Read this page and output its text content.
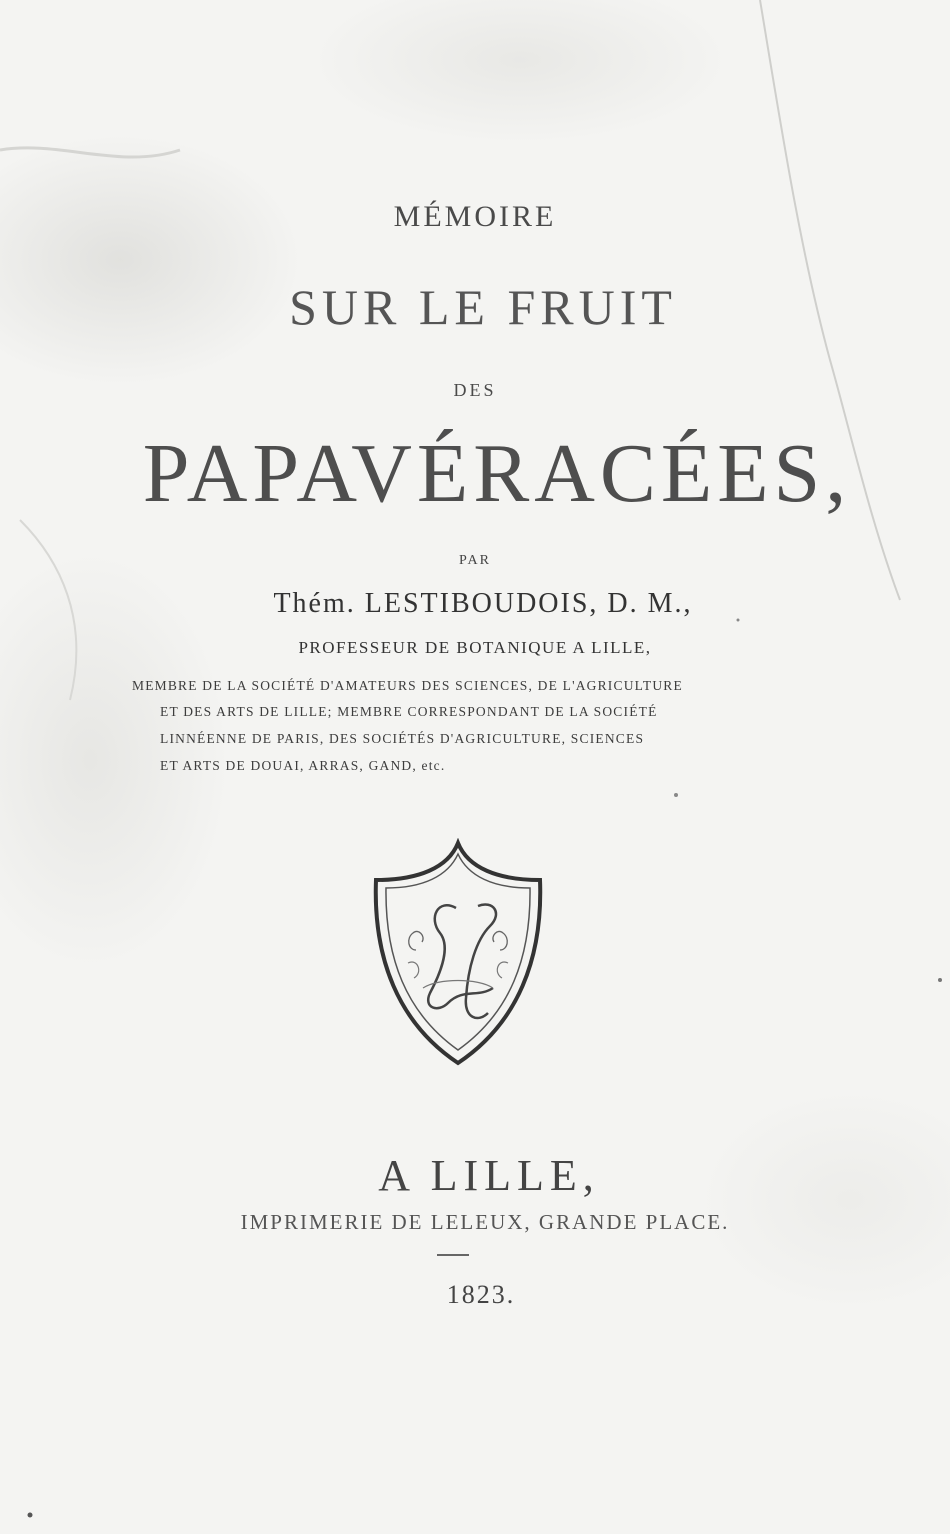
MÉMOIRE
SUR LE FRUIT
DES
PAPAVÉRACÉES,
PAR
Thém. LESTIBOUDOIS, D. M.,
PROFESSEUR DE BOTANIQUE A LILLE,
MEMBRE DE LA SOCIÉTÉ D'AMATEURS DES SCIENCES, DE L'AGRICULTURE
ET DES ARTS DE LILLE; MEMBRE CORRESPONDANT DE LA SOCIÉTÉ
LINNÉENNE DE PARIS, DES SOCIÉTÉS D'AGRICULTURE, SCIENCES
ET ARTS DE DOUAI, ARRAS, GAND, etc.
A LILLE,
IMPRIMERIE DE LELEUX, GRANDE PLACE.
1823.
